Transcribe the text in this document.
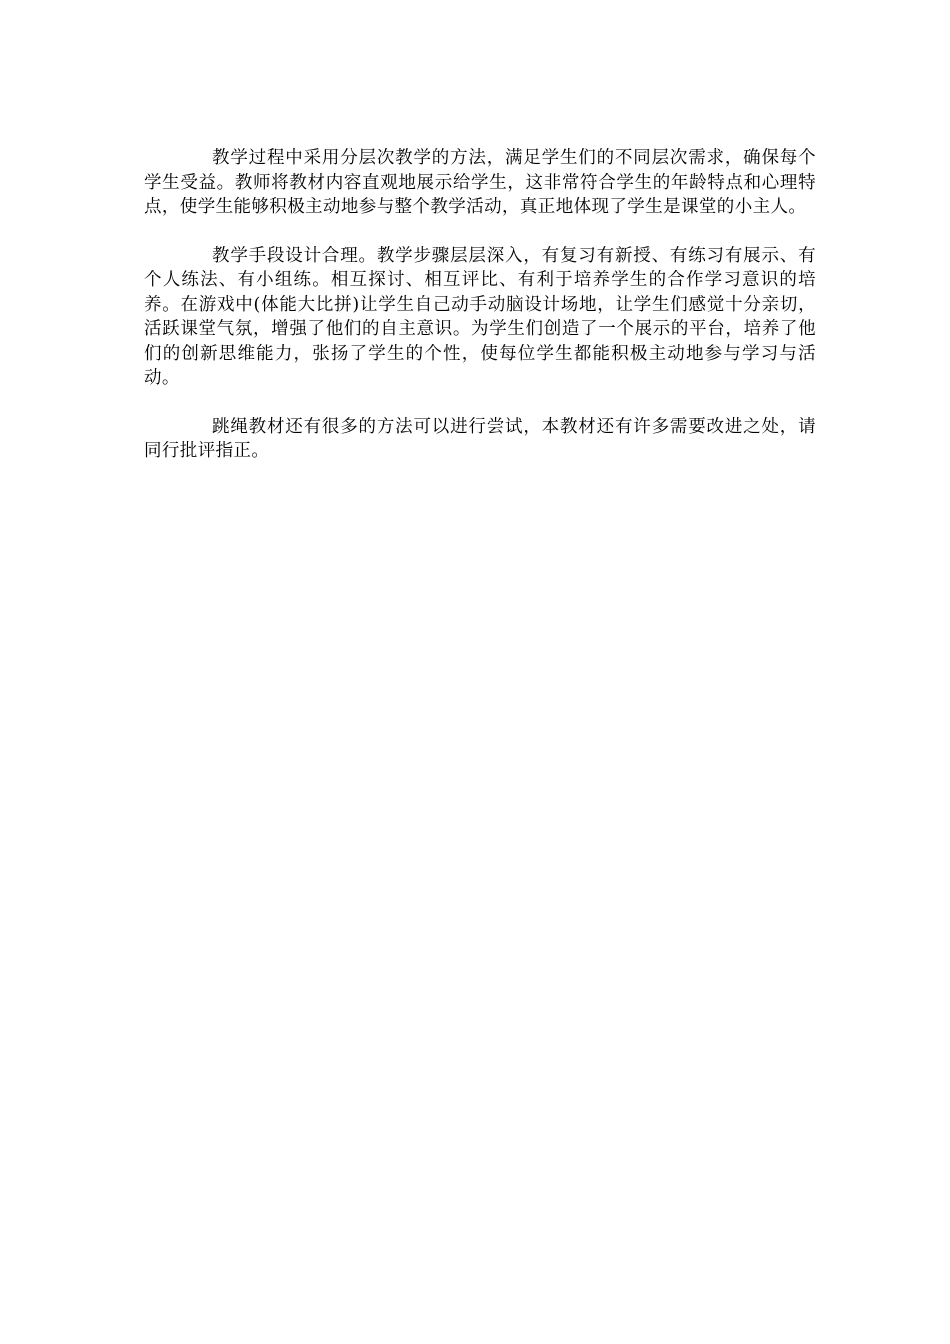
教学过程中采用分层次教学的方法，满足学生们的不同层次需求，确保每个学生受益。教师将教材内容直观地展示给学生，这非常符合学生的年龄特点和心理特点，使学生能够积极主动地参与整个教学活动，真正地体现了学生是课堂的小主人。

教学手段设计合理。教学步骤层层深入，有复习有新授、有练习有展示、有个人练法、有小组练。相互探讨、相互评比、有利于培养学生的合作学习意识的培养。在游戏中(体能大比拼)让学生自己动手动脑设计场地，让学生们感觉十分亲切，活跃课堂气氛，增强了他们的自主意识。为学生们创造了一个展示的平台，培养了他们的创新思维能力，张扬了学生的个性，使每位学生都能积极主动地参与学习与活动。

跳绳教材还有很多的方法可以进行尝试，本教材还有许多需要改进之处，请同行批评指正。
